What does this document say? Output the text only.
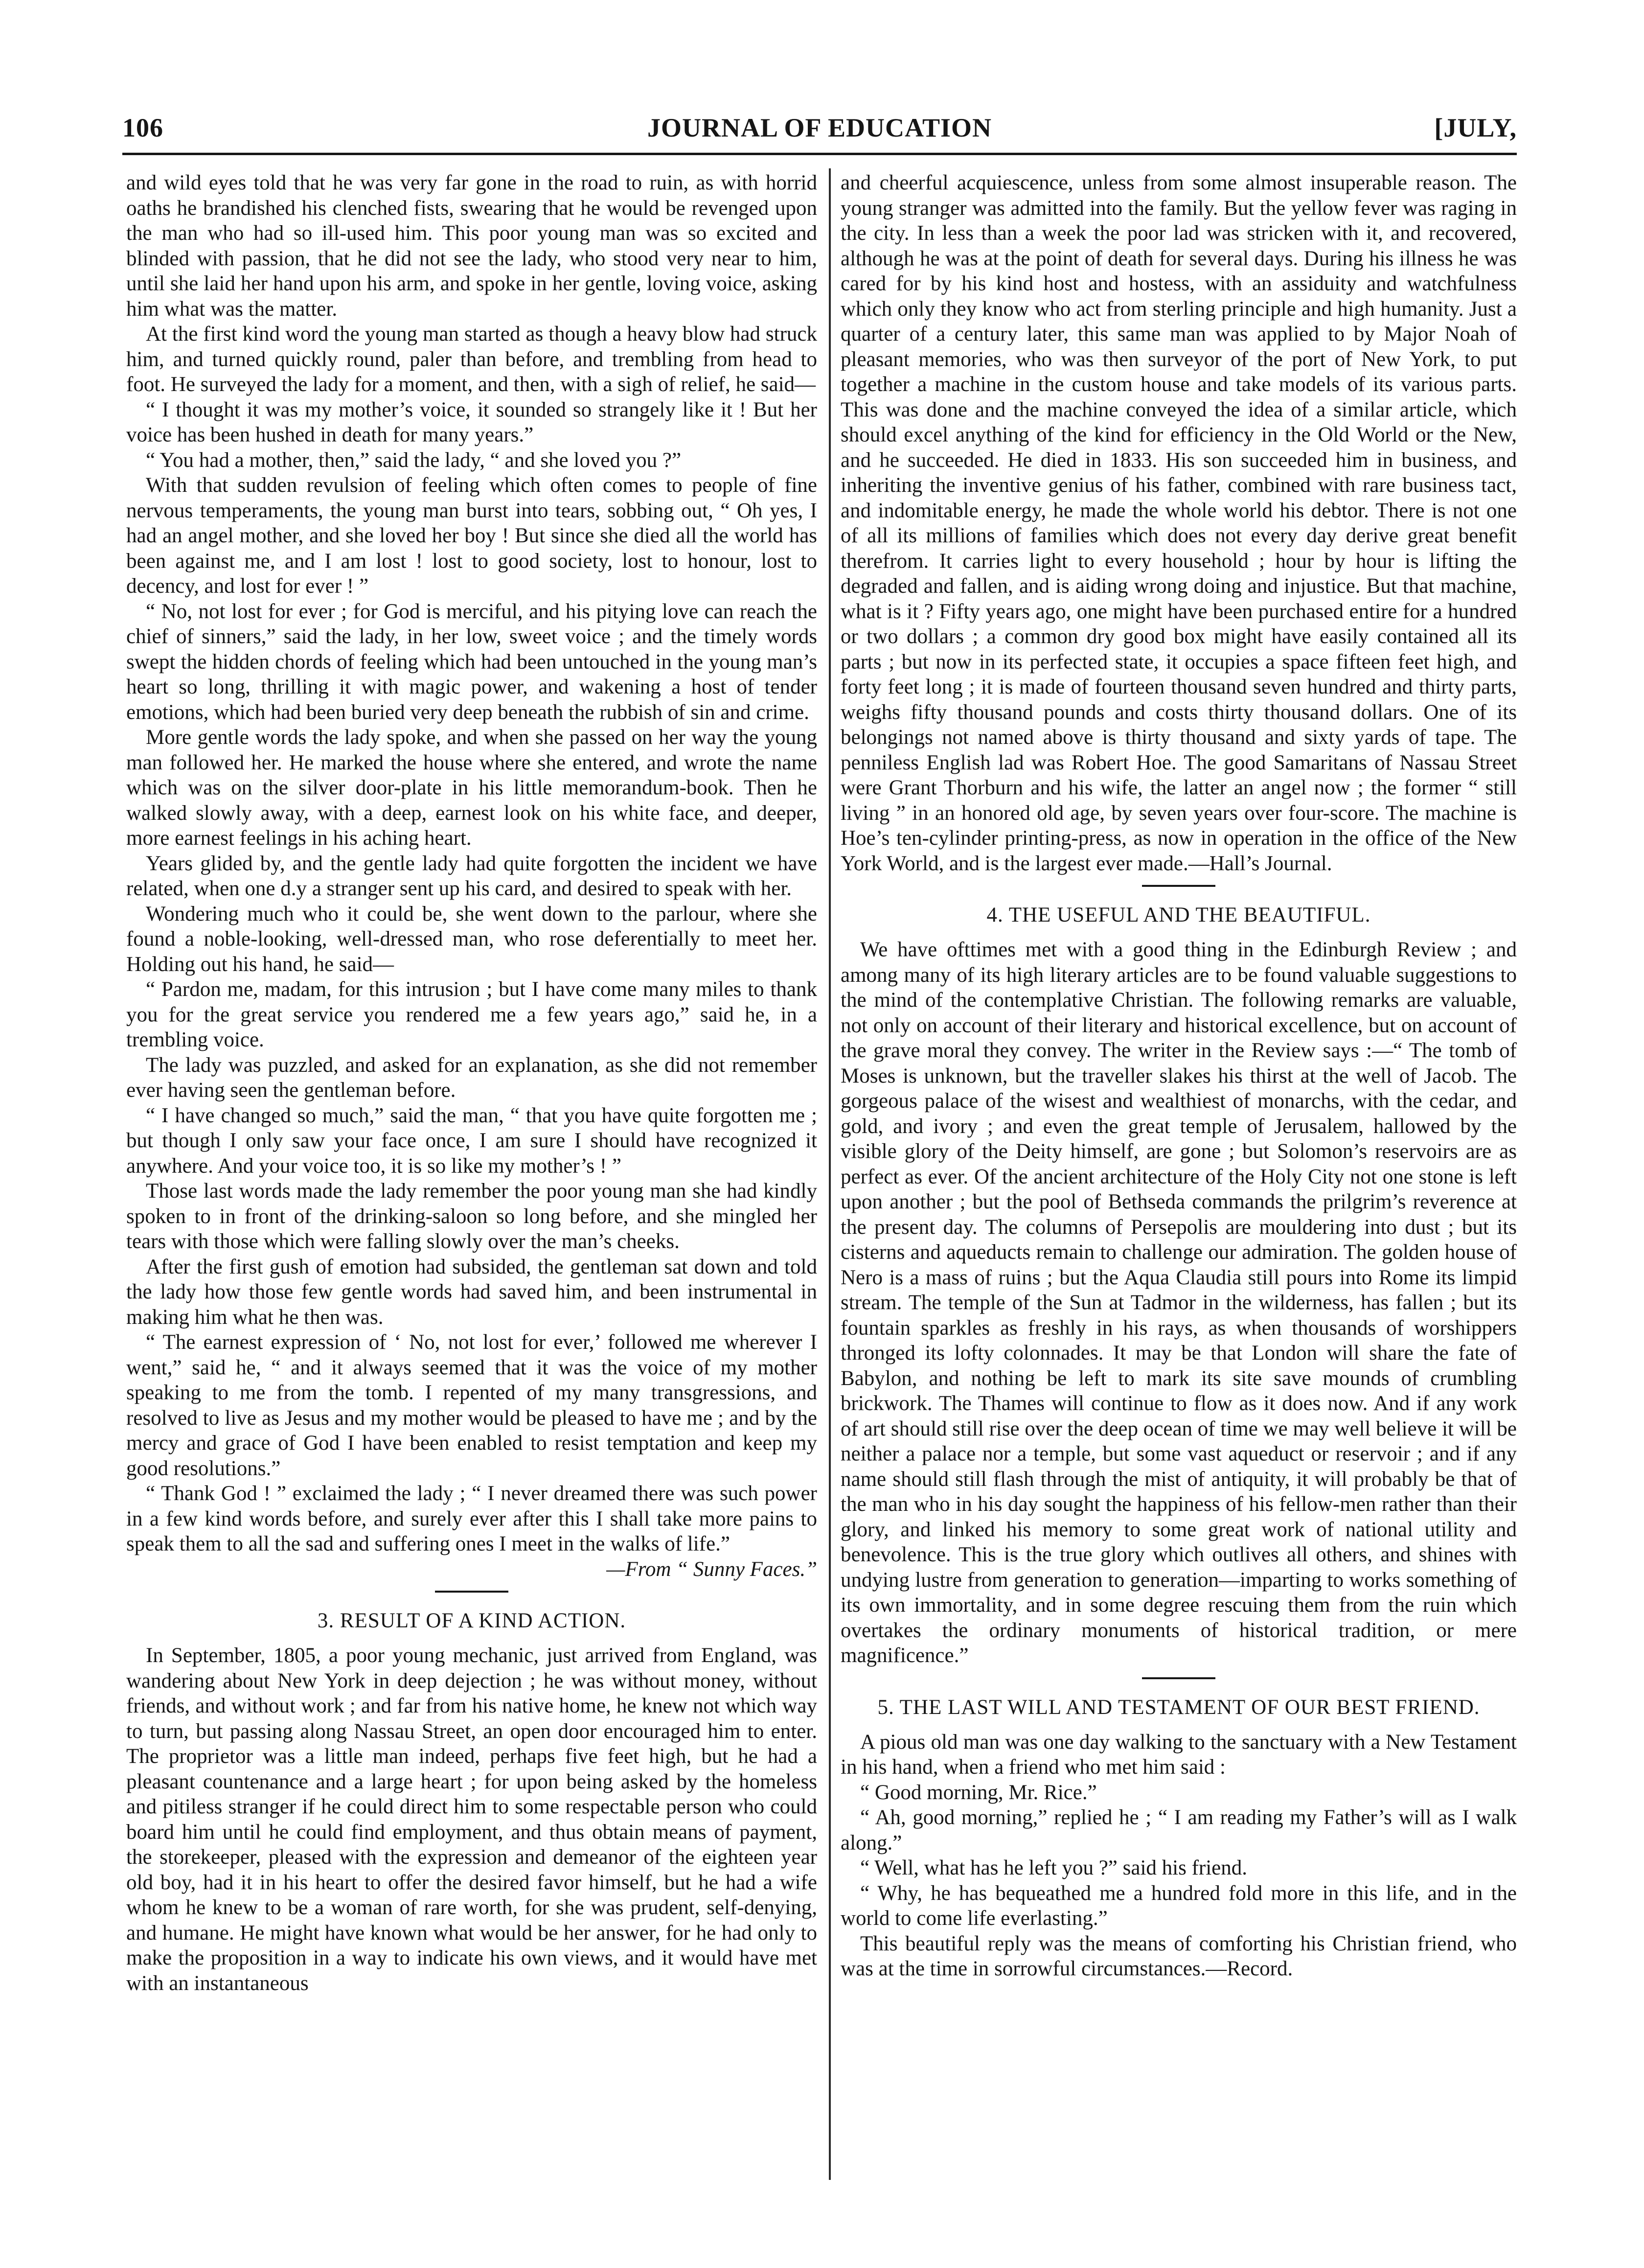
106	JOURNAL OF EDUCATION	[JULY,

and wild eyes told that he was very far gone in the road to ruin, as with horrid oaths he brandished his clenched fists, swearing that he would be revenged upon the man who had so ill-used him. This poor young man was so excited and blinded with passion, that he did not see the lady, who stood very near to him, until she laid her hand upon his arm, and spoke in her gentle, loving voice, asking him what was the matter.

At the first kind word the young man started as though a heavy blow had struck him, and turned quickly round, paler than before, and trembling from head to foot. He surveyed the lady for a moment, and then, with a sigh of relief, he said—

“ I thought it was my mother’s voice, it sounded so strangely like it ! But her voice has been hushed in death for many years.”

“ You had a mother, then,” said the lady, “ and she loved you ?”

With that sudden revulsion of feeling which often comes to people of fine nervous temperaments, the young man burst into tears, sobbing out, “ Oh yes, I had an angel mother, and she loved her boy ! But since she died all the world has been against me, and I am lost ! lost to good society, lost to honour, lost to decency, and lost for ever ! ”

“ No, not lost for ever ; for God is merciful, and his pitying love can reach the chief of sinners,” said the lady, in her low, sweet voice ; and the timely words swept the hidden chords of feeling which had been untouched in the young man’s heart so long, thrilling it with magic power, and wakening a host of tender emotions, which had been buried very deep beneath the rubbish of sin and crime.

More gentle words the lady spoke, and when she passed on her way the young man followed her. He marked the house where she entered, and wrote the name which was on the silver door-plate in his little memorandum-book. Then he walked slowly away, with a deep, earnest look on his white face, and deeper, more earnest feelings in his aching heart.

Years glided by, and the gentle lady had quite forgotten the incident we have related, when one d.y a stranger sent up his card, and desired to speak with her.

Wondering much who it could be, she went down to the parlour, where she found a noble-looking, well-dressed man, who rose deferentially to meet her. Holding out his hand, he said—

“ Pardon me, madam, for this intrusion ; but I have come many miles to thank you for the great service you rendered me a few years ago,” said he, in a trembling voice.

The lady was puzzled, and asked for an explanation, as she did not remember ever having seen the gentleman before.

“ I have changed so much,” said the man, “ that you have quite forgotten me ; but though I only saw your face once, I am sure I should have recognized it anywhere. And your voice too, it is so like my mother’s ! ”

Those last words made the lady remember the poor young man she had kindly spoken to in front of the drinking-saloon so long before, and she mingled her tears with those which were falling slowly over the man’s cheeks.

After the first gush of emotion had subsided, the gentleman sat down and told the lady how those few gentle words had saved him, and been instrumental in making him what he then was.

“ The earnest expression of ‘ No, not lost for ever,’ followed me wherever I went,” said he, “ and it always seemed that it was the voice of my mother speaking to me from the tomb. I repented of my many transgressions, and resolved to live as Jesus and my mother would be pleased to have me ; and by the mercy and grace of God I have been enabled to resist temptation and keep my good resolutions.”

“ Thank God ! ” exclaimed the lady ; “ I never dreamed there was such power in a few kind words before, and surely ever after this I shall take more pains to speak them to all the sad and suffering ones I meet in the walks of life.”

—From “ Sunny Faces.”

3. RESULT OF A KIND ACTION.

In September, 1805, a poor young mechanic, just arrived from England, was wandering about New York in deep dejection ; he was without money, without friends, and without work ; and far from his native home, he knew not which way to turn, but passing along Nassau Street, an open door encouraged him to enter. The proprietor was a little man indeed, perhaps five feet high, but he had a pleasant countenance and a large heart ; for upon being asked by the homeless and pitiless stranger if he could direct him to some respectable person who could board him until he could find employment, and thus obtain means of payment, the storekeeper, pleased with the expression and demeanor of the eighteen year old boy, had it in his heart to offer the desired favor himself, but he had a wife whom he knew to be a woman of rare worth, for she was prudent, self-denying, and humane. He might have known what would be her answer, for he had only to make the proposition in a way to indicate his own views, and it would have met with an instantaneous

and cheerful acquiescence, unless from some almost insuperable reason. The young stranger was admitted into the family. But the yellow fever was raging in the city. In less than a week the poor lad was stricken with it, and recovered, although he was at the point of death for several days. During his illness he was cared for by his kind host and hostess, with an assiduity and watchfulness which only they know who act from sterling principle and high humanity. Just a quarter of a century later, this same man was applied to by Major Noah of pleasant memories, who was then surveyor of the port of New York, to put together a machine in the custom house and take models of its various parts. This was done and the machine conveyed the idea of a similar article, which should excel anything of the kind for efficiency in the Old World or the New, and he succeeded. He died in 1833. His son succeeded him in business, and inheriting the inventive genius of his father, combined with rare business tact, and indomitable energy, he made the whole world his debtor. There is not one of all its millions of families which does not every day derive great benefit therefrom. It carries light to every household ; hour by hour is lifting the degraded and fallen, and is aiding wrong doing and injustice. But that machine, what is it ? Fifty years ago, one might have been purchased entire for a hundred or two dollars ; a common dry good box might have easily contained all its parts ; but now in its perfected state, it occupies a space fifteen feet high, and forty feet long ; it is made of fourteen thousand seven hundred and thirty parts, weighs fifty thousand pounds and costs thirty thousand dollars. One of its belongings not named above is thirty thousand and sixty yards of tape. The penniless English lad was Robert Hoe. The good Samaritans of Nassau Street were Grant Thorburn and his wife, the latter an angel now ; the former “ still living ” in an honored old age, by seven years over four-score. The machine is Hoe’s ten-cylinder printing-press, as now in operation in the office of the New York World, and is the largest ever made.—Hall’s Journal.

4. THE USEFUL AND THE BEAUTIFUL.

We have ofttimes met with a good thing in the Edinburgh Review ; and among many of its high literary articles are to be found valuable suggestions to the mind of the contemplative Christian. The following remarks are valuable, not only on account of their literary and historical excellence, but on account of the grave moral they convey. The writer in the Review says :—“ The tomb of Moses is unknown, but the traveller slakes his thirst at the well of Jacob. The gorgeous palace of the wisest and wealthiest of monarchs, with the cedar, and gold, and ivory ; and even the great temple of Jerusalem, hallowed by the visible glory of the Deity himself, are gone ; but Solomon’s reservoirs are as perfect as ever. Of the ancient architecture of the Holy City not one stone is left upon another ; but the pool of Bethseda commands the prilgrim’s reverence at the present day. The columns of Persepolis are mouldering into dust ; but its cisterns and aqueducts remain to challenge our admiration. The golden house of Nero is a mass of ruins ; but the Aqua Claudia still pours into Rome its limpid stream. The temple of the Sun at Tadmor in the wilderness, has fallen ; but its fountain sparkles as freshly in his rays, as when thousands of worshippers thronged its lofty colonnades. It may be that London will share the fate of Babylon, and nothing be left to mark its site save mounds of crumbling brickwork. The Thames will continue to flow as it does now. And if any work of art should still rise over the deep ocean of time we may well believe it will be neither a palace nor a temple, but some vast aqueduct or reservoir ; and if any name should still flash through the mist of antiquity, it will probably be that of the man who in his day sought the happiness of his fellow-men rather than their glory, and linked his memory to some great work of national utility and benevolence. This is the true glory which outlives all others, and shines with undying lustre from generation to generation—imparting to works something of its own immortality, and in some degree rescuing them from the ruin which overtakes the ordinary monuments of historical tradition, or mere magnificence.”

5. THE LAST WILL AND TESTAMENT OF OUR BEST FRIEND.

A pious old man was one day walking to the sanctuary with a New Testament in his hand, when a friend who met him said :

“ Good morning, Mr. Rice.”

“ Ah, good morning,” replied he ; “ I am reading my Father’s will as I walk along.”

“ Well, what has he left you ?” said his friend.

“ Why, he has bequeathed me a hundred fold more in this life, and in the world to come life everlasting.”

This beautiful reply was the means of comforting his Christian friend, who was at the time in sorrowful circumstances.—Record.
